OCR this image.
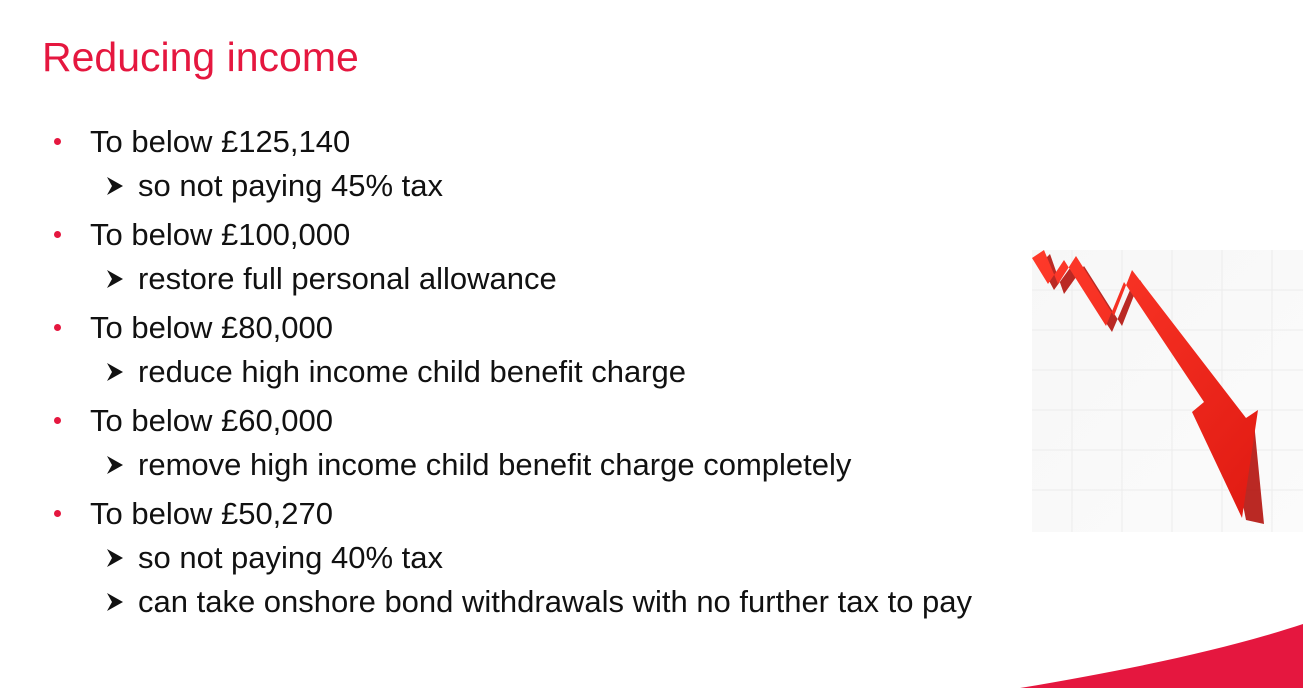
Reducing income
To below £125,140
so not paying 45% tax
To below £100,000
restore full personal allowance
To below £80,000
reduce high income child benefit charge
To below £60,000
remove high income child benefit charge completely
To below £50,270
so not paying 40% tax
can take onshore bond withdrawals with no further tax to pay
